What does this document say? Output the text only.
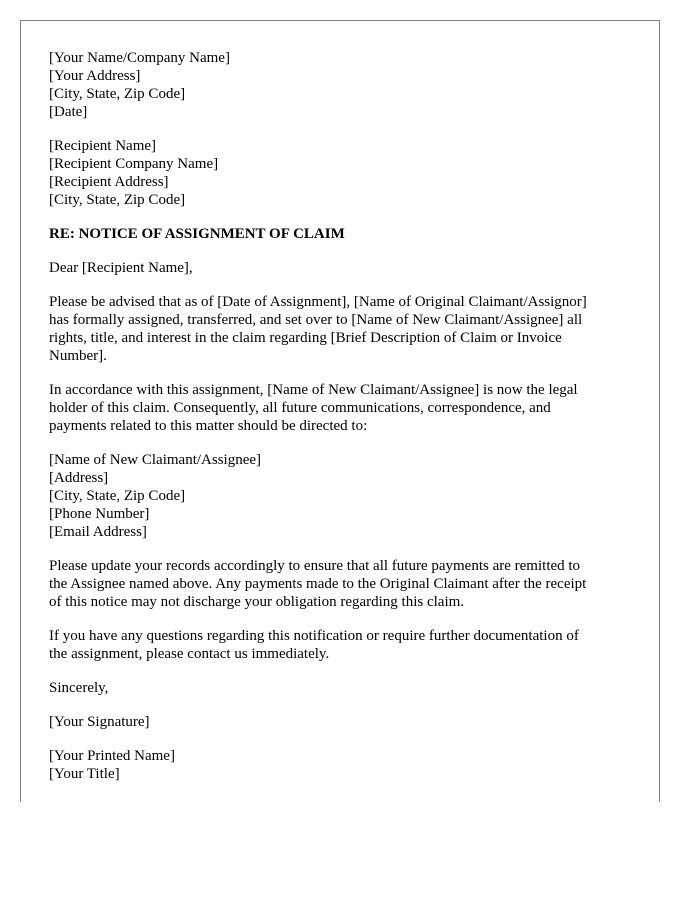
[Your Name/Company Name]
[Your Address]
[City, State, Zip Code]
[Date]
[Recipient Name]
[Recipient Company Name]
[Recipient Address]
[City, State, Zip Code]
RE: NOTICE OF ASSIGNMENT OF CLAIM
Dear [Recipient Name],
Please be advised that as of [Date of Assignment], [Name of Original Claimant/Assignor]
has formally assigned, transferred, and set over to [Name of New Claimant/Assignee] all
rights, title, and interest in the claim regarding [Brief Description of Claim or Invoice
Number].
In accordance with this assignment, [Name of New Claimant/Assignee] is now the legal
holder of this claim. Consequently, all future communications, correspondence, and
payments related to this matter should be directed to:
[Name of New Claimant/Assignee]
[Address]
[City, State, Zip Code]
[Phone Number]
[Email Address]
Please update your records accordingly to ensure that all future payments are remitted to
the Assignee named above. Any payments made to the Original Claimant after the receipt
of this notice may not discharge your obligation regarding this claim.
If you have any questions regarding this notification or require further documentation of
the assignment, please contact us immediately.
Sincerely,
[Your Signature]
[Your Printed Name]
[Your Title]
